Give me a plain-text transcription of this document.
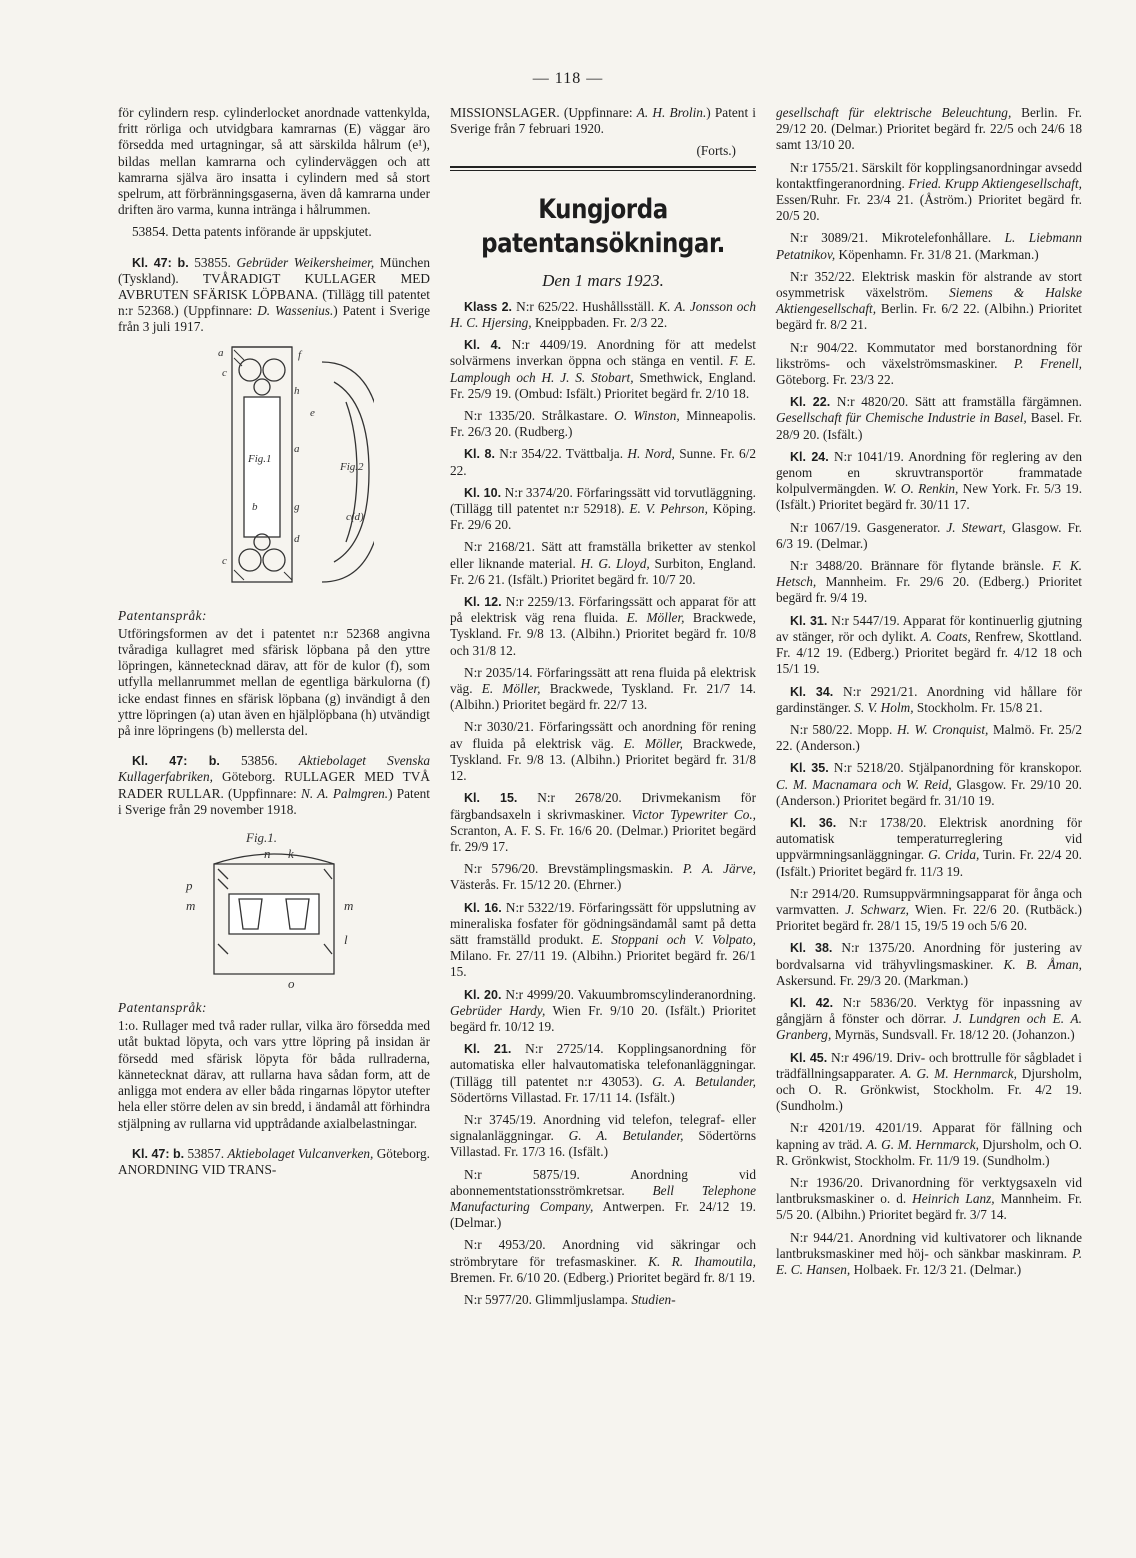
— 118 —

för cylindern resp. cylinderlocket anordnade vattenkylda, fritt rörliga och utvidgbara kamrarnas (E) väggar äro försedda med urtagningar, så att särskilda hålrum (e¹), bildas mellan kamrarna och cylinderväggen och att kamrarna själva äro insatta i cylindern med så stort spelrum, att förbränningsgaserna, även då kamrarna under driften äro varma, kunna intränga i hålrummen.

53854. Detta patents införande är uppskjutet.

Kl. 47: b. 53855. Gebrüder Weikersheimer, München (Tyskland). TVÅRADIGT KULLAGER MED AVBRUTEN SFÄRISK LÖPBANA. (Tillägg till patentet n:r 52368.) (Uppfinnare: D. Wassenius.) Patent i Sverige från 3 juli 1917.

a	f
c
h
e
Fig.1
Fig.2
a
g
b
d
c(d)
c
Patentanspråk:

Utföringsformen av det i patentet n:r 52368 angivna tvåradiga kullagret med sfärisk löpbana på den yttre löpringen, kännetecknad därav, att för de kulor (f), som utfylla mellanrummet mellan de egentliga bärkulorna (f) icke endast finnes en sfärisk löpbana (g) invändigt å den yttre löpringen (a) utan även en hjälplöpbana (h) utvändigt på inre löpringens (b) mellersta del.

Kl. 47: b. 53856. Aktiebolaget Svenska Kullagerfabriken, Göteborg. RULLAGER MED TVÅ RADER RULLAR. (Uppfinnare: N. A. Palmgren.) Patent i Sverige från 29 november 1918.

Fig.1.
n k
p
m	m
l
o
Patentanspråk:

1:o. Rullager med två rader rullar, vilka äro försedda med utåt buktad löpyta, och vars yttre löpring på insidan är försedd med sfärisk löpyta för båda rullraderna, kännetecknat därav, att rullarna hava sådan form, att de anliggа mot endera av eller båda ringarnas löpytor utefter hela eller större delen av sin bredd, i ändamål att förhindra stjälpning av rullarna vid upptrådande axialbelastningar.

Kl. 47: b. 53857. Aktiebolaget Vulcanverken, Göteborg. ANORDNING VID TRANS-

MISSIONSLAGER. (Uppfinnare: A. H. Brolin.) Patent i Sverige från 7 februari 1920.

(Forts.)
Kungjorda patentansökningar.
Den 1 mars 1923.

Klass 2. N:r 625/22. Hushållsställ. K. A. Jonsson och H. C. Hjersing, Kneippbaden. Fr. 2/3 22.

Kl. 4. N:r 4409/19. Anordning för att medelst solvärmens inverkan öppna och stänga en ventil. F. E. Lamplough och H. J. S. Stobart, Smethwick, England. Fr. 25/9 19. (Ombud: Isfält.) Prioritet begärd fr. 2/10 18.

N:r 1335/20. Strålkastare. O. Winston, Minneapolis. Fr. 26/3 20. (Rudberg.)

Kl. 8. N:r 354/22. Tvättbalja. H. Nord, Sunne. Fr. 6/2 22.

Kl. 10. N:r 3374/20. Förfaringssätt vid torvutläggning. (Tillägg till patentet n:r 52918). E. V. Pehrson, Köping. Fr. 29/6 20.

N:r 2168/21. Sätt att framställa briketter av stenkol eller liknande material. H. G. Lloyd, Surbiton, England. Fr. 2/6 21. (Isfält.) Prioritet begärd fr. 10/7 20.

Kl. 12. N:r 2259/13. Förfaringssätt och apparat för att på elektrisk väg rena fluida. E. Möller, Brackwede, Tyskland. Fr. 9/8 13. (Albihn.) Prioritet begärd fr. 10/8 och 31/8 12.

N:r 2035/14. Förfaringssätt att rena fluida på elektrisk väg. E. Möller, Brackwede, Tyskland. Fr. 21/7 14. (Albihn.) Prioritet begärd fr. 22/7 13.

N:r 3030/21. Förfaringssätt och anordning för rening av fluida på elektrisk väg. E. Möller, Brackwede, Tyskland. Fr. 9/8 13. (Albihn.) Prioritet begärd fr. 31/8 12.

Kl. 15. N:r 2678/20. Drivmekanism för färgbandsaxeln i skrivmaskiner. Victor Typewriter Co., Scranton, A. F. S. Fr. 16/6 20. (Delmar.) Prioritet begärd fr. 29/9 17.

N:r 5796/20. Brevstämplingsmaskin. P. A. Järve, Västerås. Fr. 15/12 20. (Ehrner.)

Kl. 16. N:r 5322/19. Förfaringssätt för uppslutning av mineraliska fosfater för gödningsändamål samt på detta sätt framställd produkt. E. Stoppani och V. Volpato, Milano. Fr. 27/11 19. (Albihn.) Prioritet begärd fr. 26/1 15.

Kl. 20. N:r 4999/20. Vakuumbromscylinderanordning. Gebrüder Hardy, Wien Fr. 9/10 20. (Isfält.) Prioritet begärd fr. 10/12 19.

Kl. 21. N:r 2725/14. Kopplingsanordning för automatiska eller halvautomatiska telefonanläggningar. (Tillägg till patentet n:r 43053). G. A. Betulander, Södertörns Villastad. Fr. 17/11 14. (Isfält.)

N:r 3745/19. Anordning vid telefon, telegraf- eller signalanläggningar. G. A. Betulander, Södertörns Villastad. Fr. 17/3 16. (Isfält.)

N:r 5875/19. Anordning vid abonnementstationsströmkretsar. Bell Telephone Manufacturing Company, Antwerpen. Fr. 24/12 19. (Delmar.)

N:r 4953/20. Anordning vid säkringar och strömbrytare för trefasmaskiner. K. R. Ihamoutila, Bremen. Fr. 6/10 20. (Edberg.) Prioritet begärd fr. 8/1 19.

N:r 5977/20. Glimmljuslampa. Studien-

gesellschaft für elektrische Beleuchtung, Berlin. Fr. 29/12 20. (Delmar.) Prioritet begärd fr. 22/5 och 24/6 18 samt 13/10 20.

N:r 1755/21. Särskilt för kopplingsanordningar avsedd kontaktfingeranordning. Fried. Krupp Aktiengesellschaft, Essen/Ruhr. Fr. 23/4 21. (Åström.) Prioritet begärd fr. 20/5 20.

N:r 3089/21. Mikrotelefonhållare. L. Liebmann Petatnikov, Köpenhamn. Fr. 31/8 21. (Markman.)

N:r 352/22. Elektrisk maskin för alstrande av stort osymmetrisk växelström. Siemens & Halske Aktiengesellschaft, Berlin. Fr. 6/2 22. (Albihn.) Prioritet begärd fr. 8/2 21.

N:r 904/22. Kommutator med borstanordning för likströms- och växelströmsmaskiner. P. Frenell, Göteborg. Fr. 23/3 22.

Kl. 22. N:r 4820/20. Sätt att framställa färgämnen. Gesellschaft für Chemische Industrie in Basel, Basel. Fr. 28/9 20. (Isfält.)

Kl. 24. N:r 1041/19. Anordning för reglering av den genom en skruvtransportör frammatade kolpulvermängden. W. O. Renkin, New York. Fr. 5/3 19. (Isfält.) Prioritet begärd fr. 30/11 17.

N:r 1067/19. Gasgenerator. J. Stewart, Glasgow. Fr. 6/3 19. (Delmar.)

N:r 3488/20. Brännare för flytande bränsle. F. K. Hetsch, Mannheim. Fr. 29/6 20. (Edberg.) Prioritet begärd fr. 9/4 19.

Kl. 31. N:r 5447/19. Apparat för kontinuerlig gjutning av stänger, rör och dylikt. A. Coats, Renfrew, Skottland. Fr. 4/12 19. (Edberg.) Prioritet begärd fr. 4/12 18 och 15/1 19.

Kl. 34. N:r 2921/21. Anordning vid hållare för gardinstänger. S. V. Holm, Stockholm. Fr. 15/8 21.

N:r 580/22. Mopp. H. W. Cronquist, Malmö. Fr. 25/2 22. (Anderson.)

Kl. 35. N:r 5218/20. Stjälpanordning för kranskopor. C. M. Macnamara och W. Reid, Glasgow. Fr. 29/10 20. (Anderson.) Prioritet begärd fr. 31/10 19.

Kl. 36. N:r 1738/20. Elektrisk anordning för automatisk temperaturreglering vid uppvärmningsanläggningar. G. Crida, Turin. Fr. 22/4 20. (Isfält.) Prioritet begärd fr. 11/3 19.

N:r 2914/20. Rumsuppvärmningsapparat för ånga och varmvatten. J. Schwarz, Wien. Fr. 22/6 20. (Rutbäck.) Prioritet begärd fr. 28/1 15, 19/5 19 och 5/6 20.

Kl. 38. N:r 1375/20. Anordning för justering av bordvalsarna vid trähyvlingsmaskiner. K. B. Åman, Askersund. Fr. 29/3 20. (Markman.)

Kl. 42. N:r 5836/20. Verktyg för inpassning av gångjärn å fönster och dörrar. J. Lundgren och E. A. Granberg, Myrnäs, Sundsvall. Fr. 18/12 20. (Johanzon.)

Kl. 45. N:r 496/19. Driv- och brottrulle för sågbladet i trädfällningsapparater. A. G. M. Hernmarck, Djursholm, och O. R. Grönkwist, Stockholm. Fr. 4/2 19. (Sundholm.)

N:r 4201/19. 4201/19. Apparat för fällning och kapning av träd. A. G. M. Hernmarck, Djursholm, och O. R. Grönkwist, Stockholm. Fr. 11/9 19. (Sundholm.)

N:r 1936/20. Drivanordning för verktygsaxeln vid lantbruksmaskiner o. d. Heinrich Lanz, Mannheim. Fr. 5/5 20. (Albihn.) Prioritet begärd fr. 3/7 14.

N:r 944/21. Anordning vid kultivatorer och liknande lantbruksmaskiner med höj- och sänkbar maskinram. P. E. C. Hansen, Holbaek. Fr. 12/3 21. (Delmar.)
